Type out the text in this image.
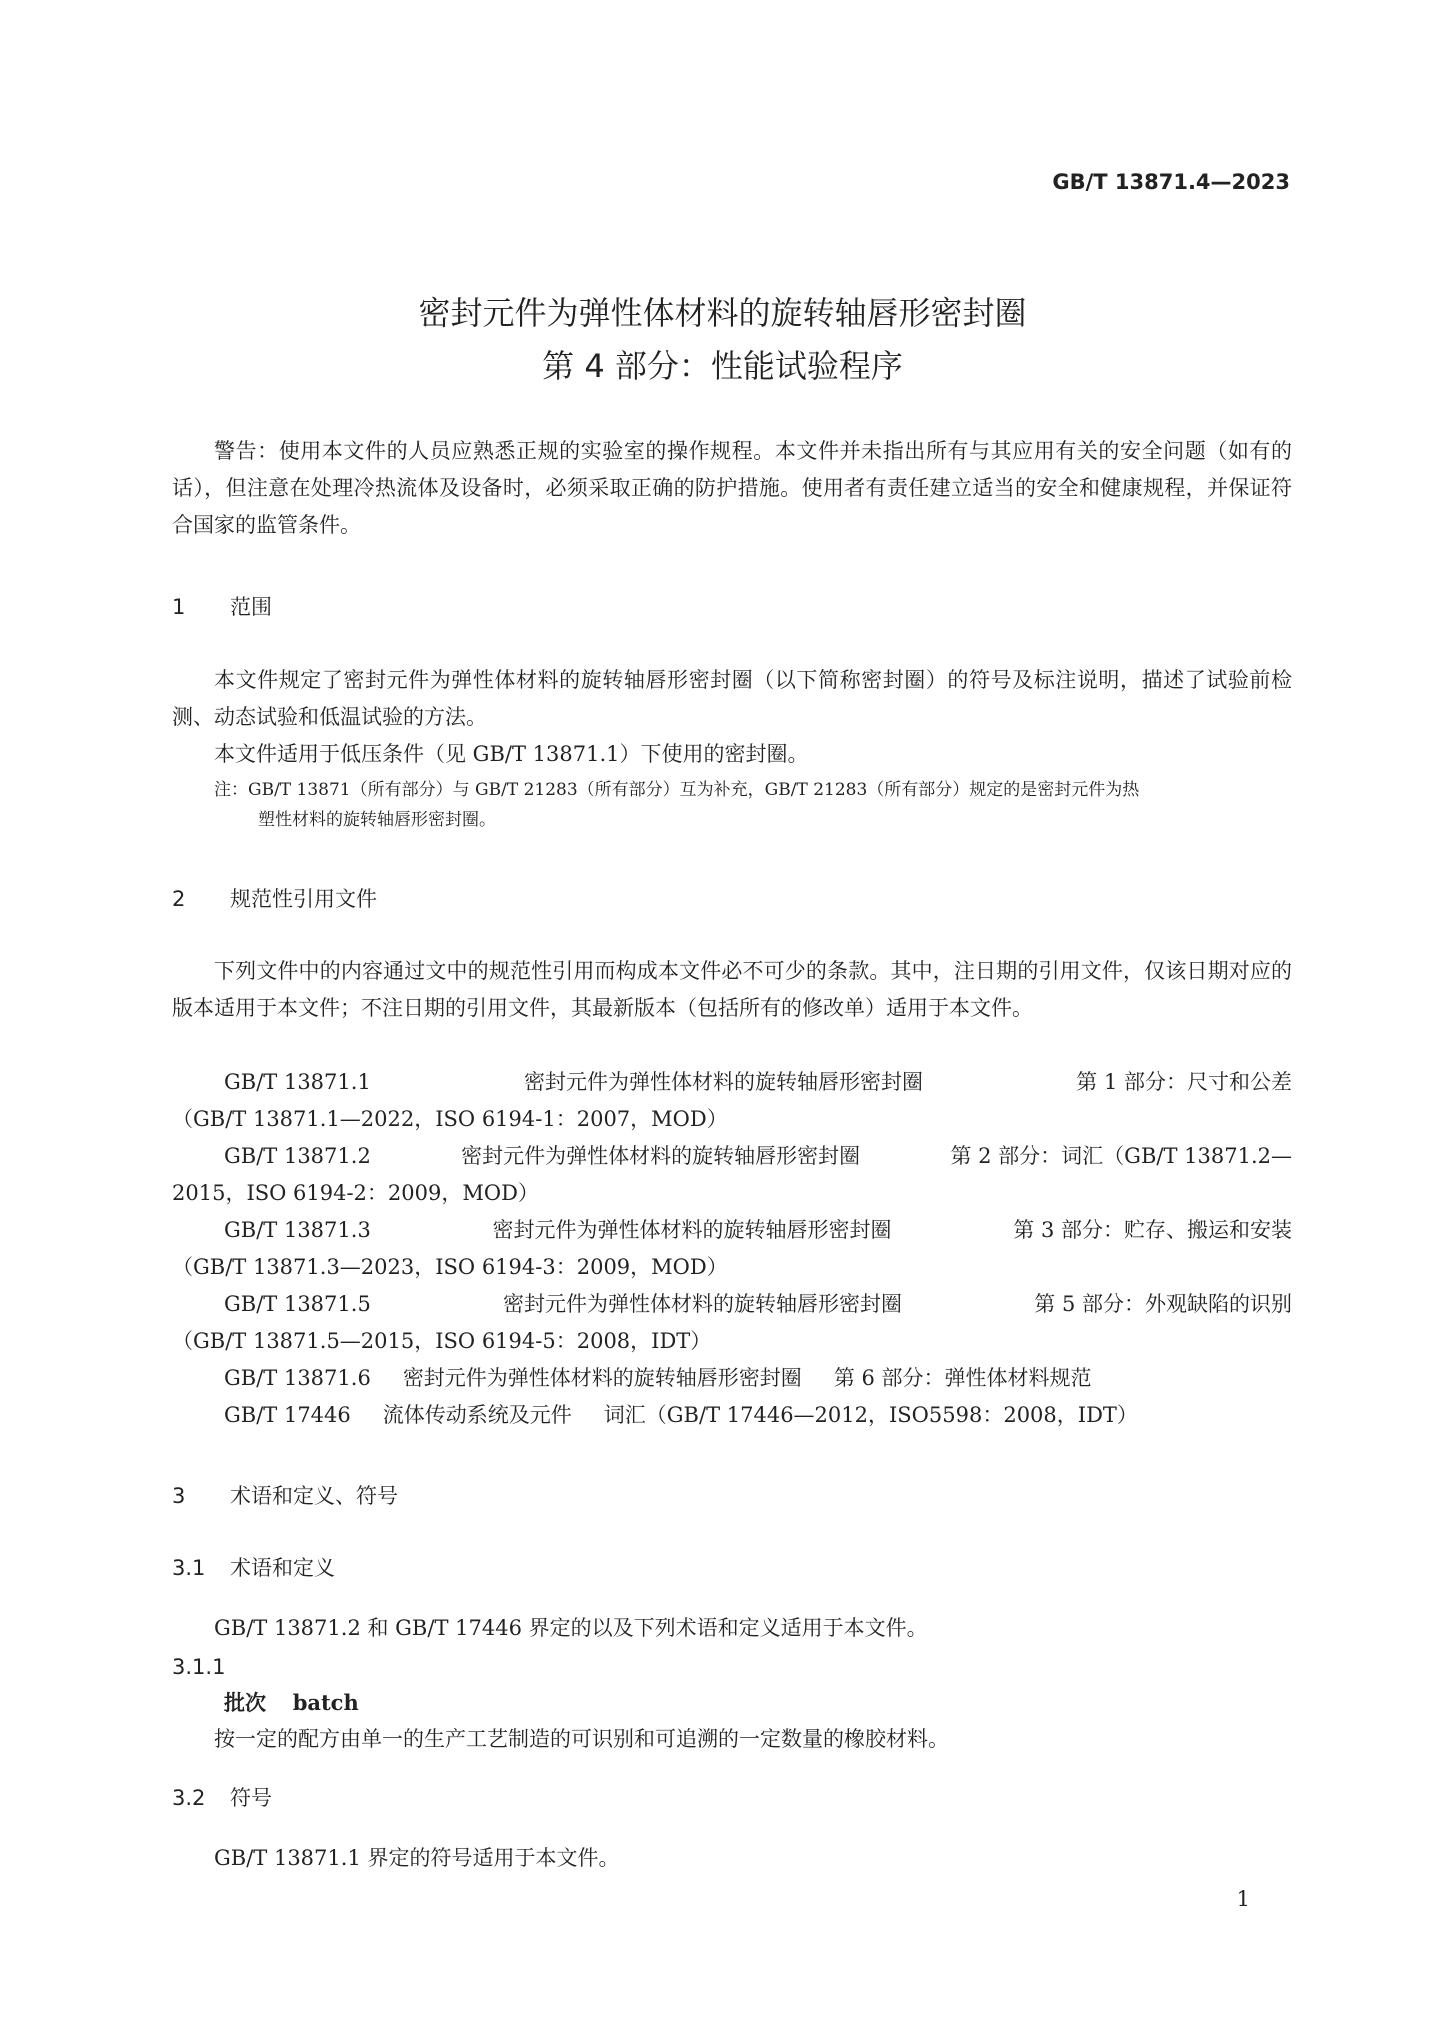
GB/T 13871.4—2023
密封元件为弹性体材料的旋转轴唇形密封圈
第 4 部分：性能试验程序
警告：使用本文件的人员应熟悉正规的实验室的操作规程。本文件并未指出所有与其应用有关的安全问题（如有的话），但注意在处理冷热流体及设备时，必须采取正确的防护措施。使用者有责任建立适当的安全和健康规程，并保证符合国家的监管条件。
1 范围
本文件规定了密封元件为弹性体材料的旋转轴唇形密封圈（以下简称密封圈）的符号及标注说明，描述了试验前检测、动态试验和低温试验的方法。
本文件适用于低压条件（见 GB/T 13871.1）下使用的密封圈。
注：GB/T 13871（所有部分）与 GB/T 21283（所有部分）互为补充，GB/T 21283（所有部分）规定的是密封元件为热
塑性材料的旋转轴唇形密封圈。
2 规范性引用文件
下列文件中的内容通过文中的规范性引用而构成本文件必不可少的条款。其中，注日期的引用文件，仅该日期对应的版本适用于本文件；不注日期的引用文件，其最新版本（包括所有的修改单）适用于本文件。
GB/T 13871.1	密封元件为弹性体材料的旋转轴唇形密封圈	第 1 部分：尺寸和公差
（GB/T 13871.1—2022，ISO 6194-1：2007，MOD）
GB/T 13871.2	密封元件为弹性体材料的旋转轴唇形密封圈	第 2 部分：词汇（GB/T 13871.2—
2015，ISO 6194-2：2009，MOD）
GB/T 13871.3	密封元件为弹性体材料的旋转轴唇形密封圈	第 3 部分：贮存、搬运和安装
（GB/T 13871.3—2023，ISO 6194-3：2009，MOD）
GB/T 13871.5	密封元件为弹性体材料的旋转轴唇形密封圈	第 5 部分：外观缺陷的识别
（GB/T 13871.5—2015，ISO 6194-5：2008，IDT）
GB/T 13871.6 密封元件为弹性体材料的旋转轴唇形密封圈 第 6 部分：弹性体材料规范
GB/T 17446 流体传动系统及元件 词汇（GB/T 17446—2012，ISO5598：2008，IDT）
3 术语和定义、符号
3.1 术语和定义
GB/T 13871.2 和 GB/T 17446 界定的以及下列术语和定义适用于本文件。
3.1.1
批次 batch
按一定的配方由单一的生产工艺制造的可识别和可追溯的一定数量的橡胶材料。
3.2 符号
GB/T 13871.1 界定的符号适用于本文件。
1
